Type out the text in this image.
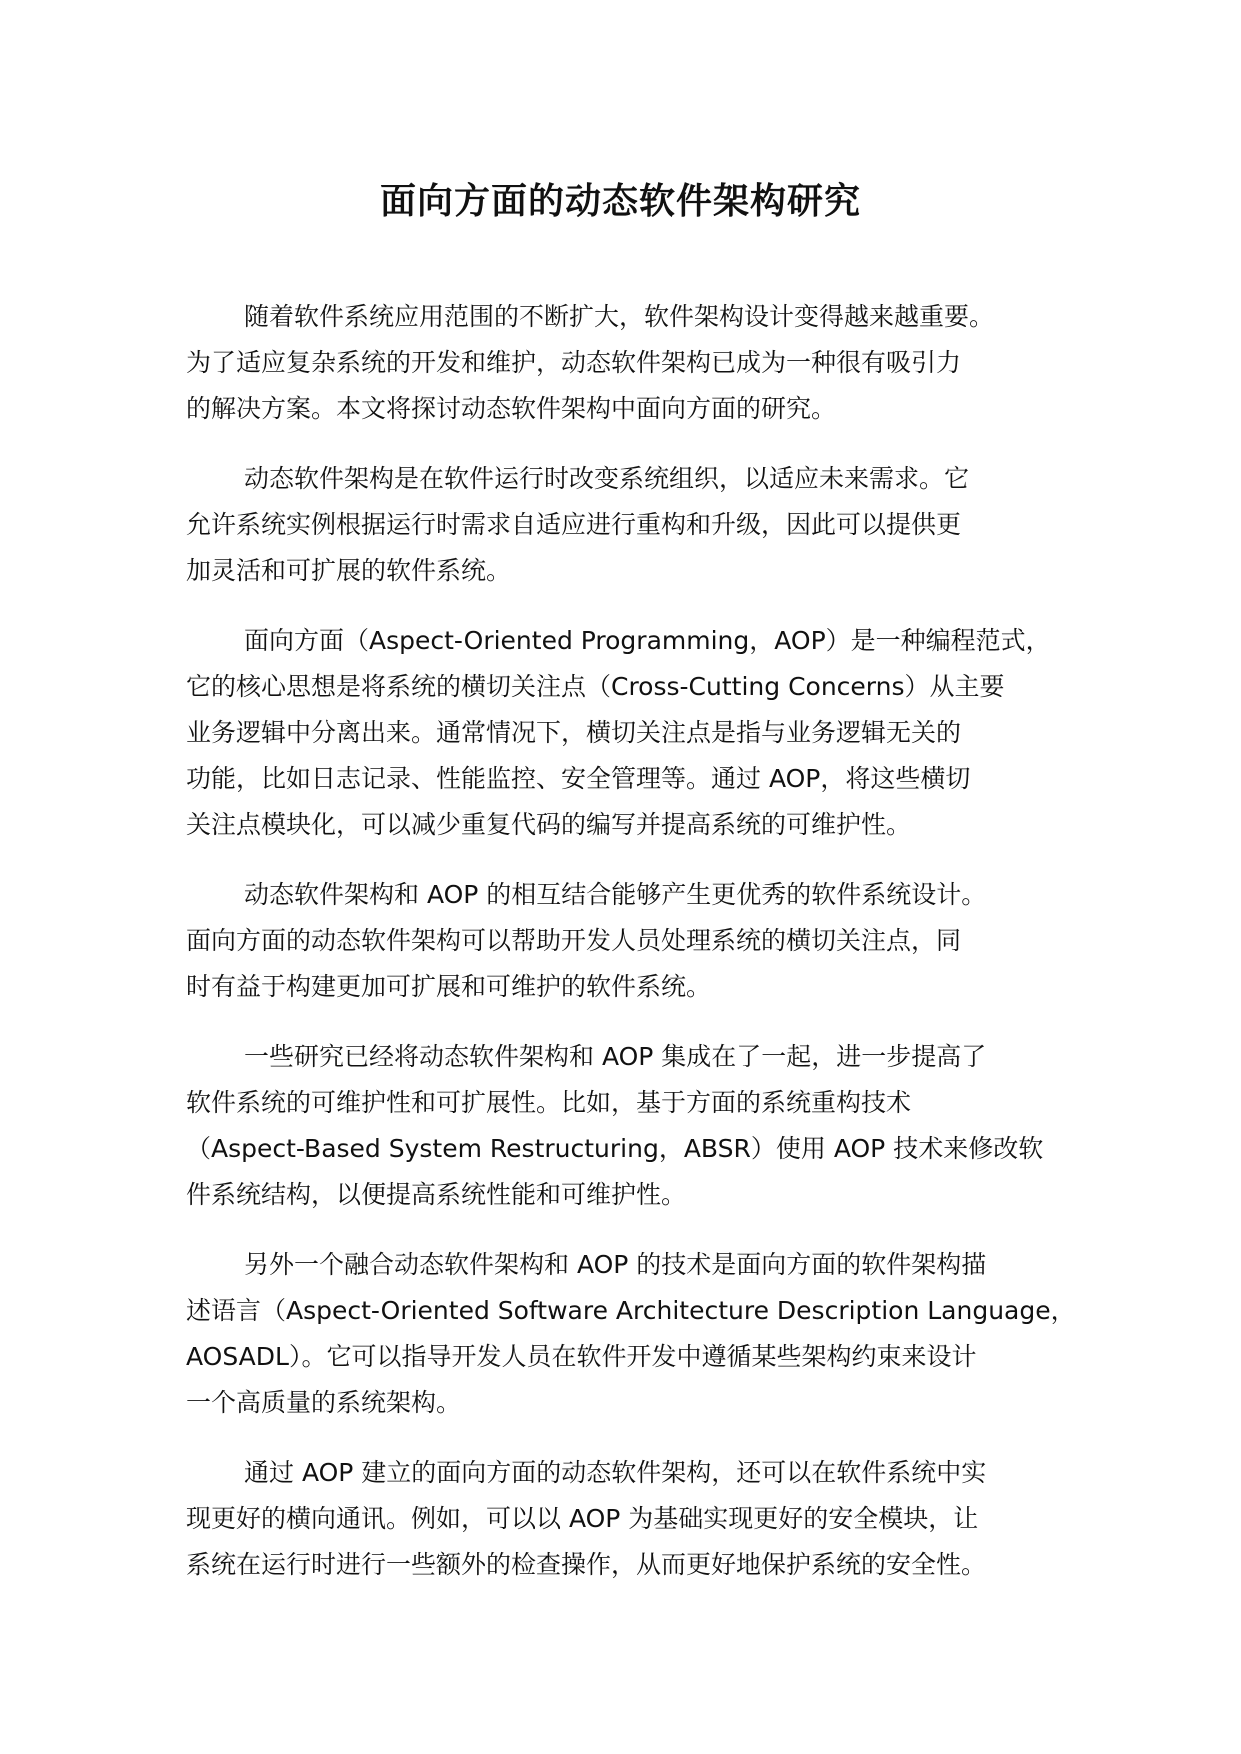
面向方面的动态软件架构研究
随着软件系统应用范围的不断扩大，软件架构设计变得越来越重要。
为了适应复杂系统的开发和维护，动态软件架构已成为一种很有吸引力
的解决方案。本文将探讨动态软件架构中面向方面的研究。
动态软件架构是在软件运行时改变系统组织，以适应未来需求。它
允许系统实例根据运行时需求自适应进行重构和升级，因此可以提供更
加灵活和可扩展的软件系统。
面向方面（Aspect-Oriented Programming，AOP）是一种编程范式，
它的核心思想是将系统的横切关注点（Cross-Cutting Concerns）从主要
业务逻辑中分离出来。通常情况下，横切关注点是指与业务逻辑无关的
功能，比如日志记录、性能监控、安全管理等。通过 AOP，将这些横切
关注点模块化，可以减少重复代码的编写并提高系统的可维护性。
动态软件架构和 AOP 的相互结合能够产生更优秀的软件系统设计。
面向方面的动态软件架构可以帮助开发人员处理系统的横切关注点，同
时有益于构建更加可扩展和可维护的软件系统。
一些研究已经将动态软件架构和 AOP 集成在了一起，进一步提高了
软件系统的可维护性和可扩展性。比如，基于方面的系统重构技术
（Aspect-Based System Restructuring，ABSR）使用 AOP 技术来修改软
件系统结构，以便提高系统性能和可维护性。
另外一个融合动态软件架构和 AOP 的技术是面向方面的软件架构描
述语言（Aspect-Oriented Software Architecture Description Language，
AOSADL）。它可以指导开发人员在软件开发中遵循某些架构约束来设计
一个高质量的系统架构。
通过 AOP 建立的面向方面的动态软件架构，还可以在软件系统中实
现更好的横向通讯。例如，可以以 AOP 为基础实现更好的安全模块，让
系统在运行时进行一些额外的检查操作，从而更好地保护系统的安全性。
